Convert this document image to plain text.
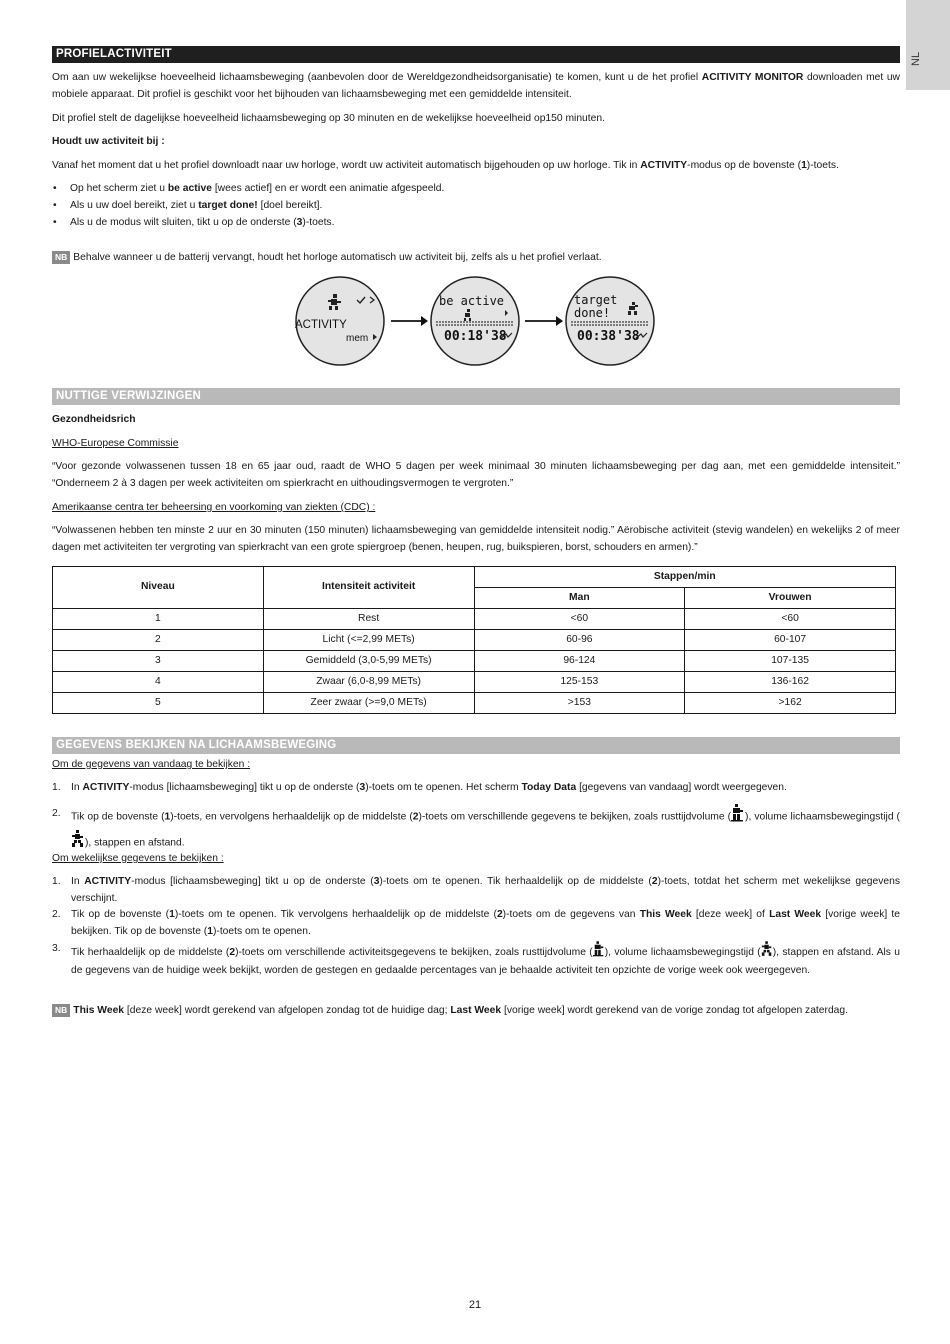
NL
PROFIELACTIVITEIT

Om aan uw wekelijkse hoeveelheid lichaamsbeweging (aanbevolen door de Wereldgezondheidsorganisatie) te komen, kunt u de het profiel ACITIVITY MONITOR downloaden met uw mobiele apparaat. Dit profiel is geschikt voor het bijhouden van lichaamsbeweging met een gemiddelde intensiteit.

Dit profiel stelt de dagelijkse hoeveelheid lichaamsbeweging op 30 minuten en de wekelijkse hoeveelheid op150 minuten.

Houdt uw activiteit bij :

Vanaf het moment dat u het profiel downloadt naar uw horloge, wordt uw activiteit automatisch bijgehouden op uw horloge. Tik in ACTIVITY-modus op de bovenste (1)-toets.

• Op het scherm ziet u be active [wees actief] en er wordt een animatie afgespeeld.
• Als u uw doel bereikt, ziet u target done! [doel bereikt].
• Als u de modus wilt sluiten, tikt u op de onderste (3)-toets.

NB Behalve wanneer u de batterij vervangt, houdt het horloge automatisch uw activiteit bij, zelfs als u het profiel verlaat.

NUTTIGE VERWIJZINGEN

Gezondheidsrich

WHO-Europese Commissie

“Voor gezonde volwassenen tussen 18 en 65 jaar oud, raadt de WHO 5 dagen per week minimaal 30 minuten lichaamsbeweging per dag aan, met een gemiddelde intensiteit.” “Onderneem 2 à 3 dagen per week activiteiten om spierkracht en uithoudingsvermogen te vergroten.”

Amerikaanse centra ter beheersing en voorkoming van ziekten (CDC) :

“Volwassenen hebben ten minste 2 uur en 30 minuten (150 minuten) lichaamsbeweging van gemiddelde intensiteit nodig.” Aërobische activiteit (stevig wandelen) en wekelijks 2 of meer dagen met activiteiten ter vergroting van spierkracht van een grote spiergroep (benen, heupen, rug, buikspieren, borst, schouders en armen).”

GEGEVENS BEKIJKEN NA LICHAAMSBEWEGING

Om de gegevens van vandaag te bekijken :

1. In ACTIVITY-modus [lichaamsbeweging] tikt u op de onderste (3)-toets om te openen. Het scherm Today Data [gegevens van vandaag] wordt weergegeven.
2. Tik op de bovenste (1)-toets, en vervolgens herhaaldelijk op de middelste (2)-toets om verschillende gegevens te bekijken, zoals rusttijdvolume ( ), volume lichaamsbewegingstijd (), stappen en afstand.

Om wekelijkse gegevens te bekijken :

1. In ACTIVITY-modus [lichaamsbeweging] tikt u op de onderste (3)-toets om te openen. Tik herhaaldelijk op de middelste (2)-toets, totdat het scherm met wekelijkse gegevens verschijnt.
2. Tik op de bovenste (1)-toets om te openen. Tik vervolgens herhaaldelijk op de middelste (2)-toets om de gegevens van This Week [deze week] of Last Week [vorige week] te bekijken. Tik op de bovenste (1)-toets om te openen.
3. Tik herhaaldelijk op de middelste (2)-toets om verschillende activiteitsgegevens te bekijken, zoals rusttijdvolume ( ), volume lichaamsbewegingstijd ( ), stappen en afstand. Als u de gegevens van de huidige week bekijkt, worden de gestegen en gedaalde percentages van je behaalde activiteit ten opzichte de vorige week ook weergegeven.

NB This Week [deze week] wordt gerekend van afgelopen zondag tot de huidige dag; Last Week [vorige week] wordt gerekend van de vorige zondag tot afgelopen zaterdag.

ACTIVITY
mem
be active
00:18'38
target
done!
00:38'38
Niveau	Intensiteit activiteit	Stappen/min	
		Man	Vrouwen
1	Rest	<60	<60
2	Licht (<=2,99 METs)	60-96	60-107
3	Gemiddeld (3,0-5,99 METs)	96-124	107-135
4	Zwaar (6,0-8,99 METs)	125-153	136-162
5	Zeer zwaar (>=9,0 METs)	>153	>162
21
